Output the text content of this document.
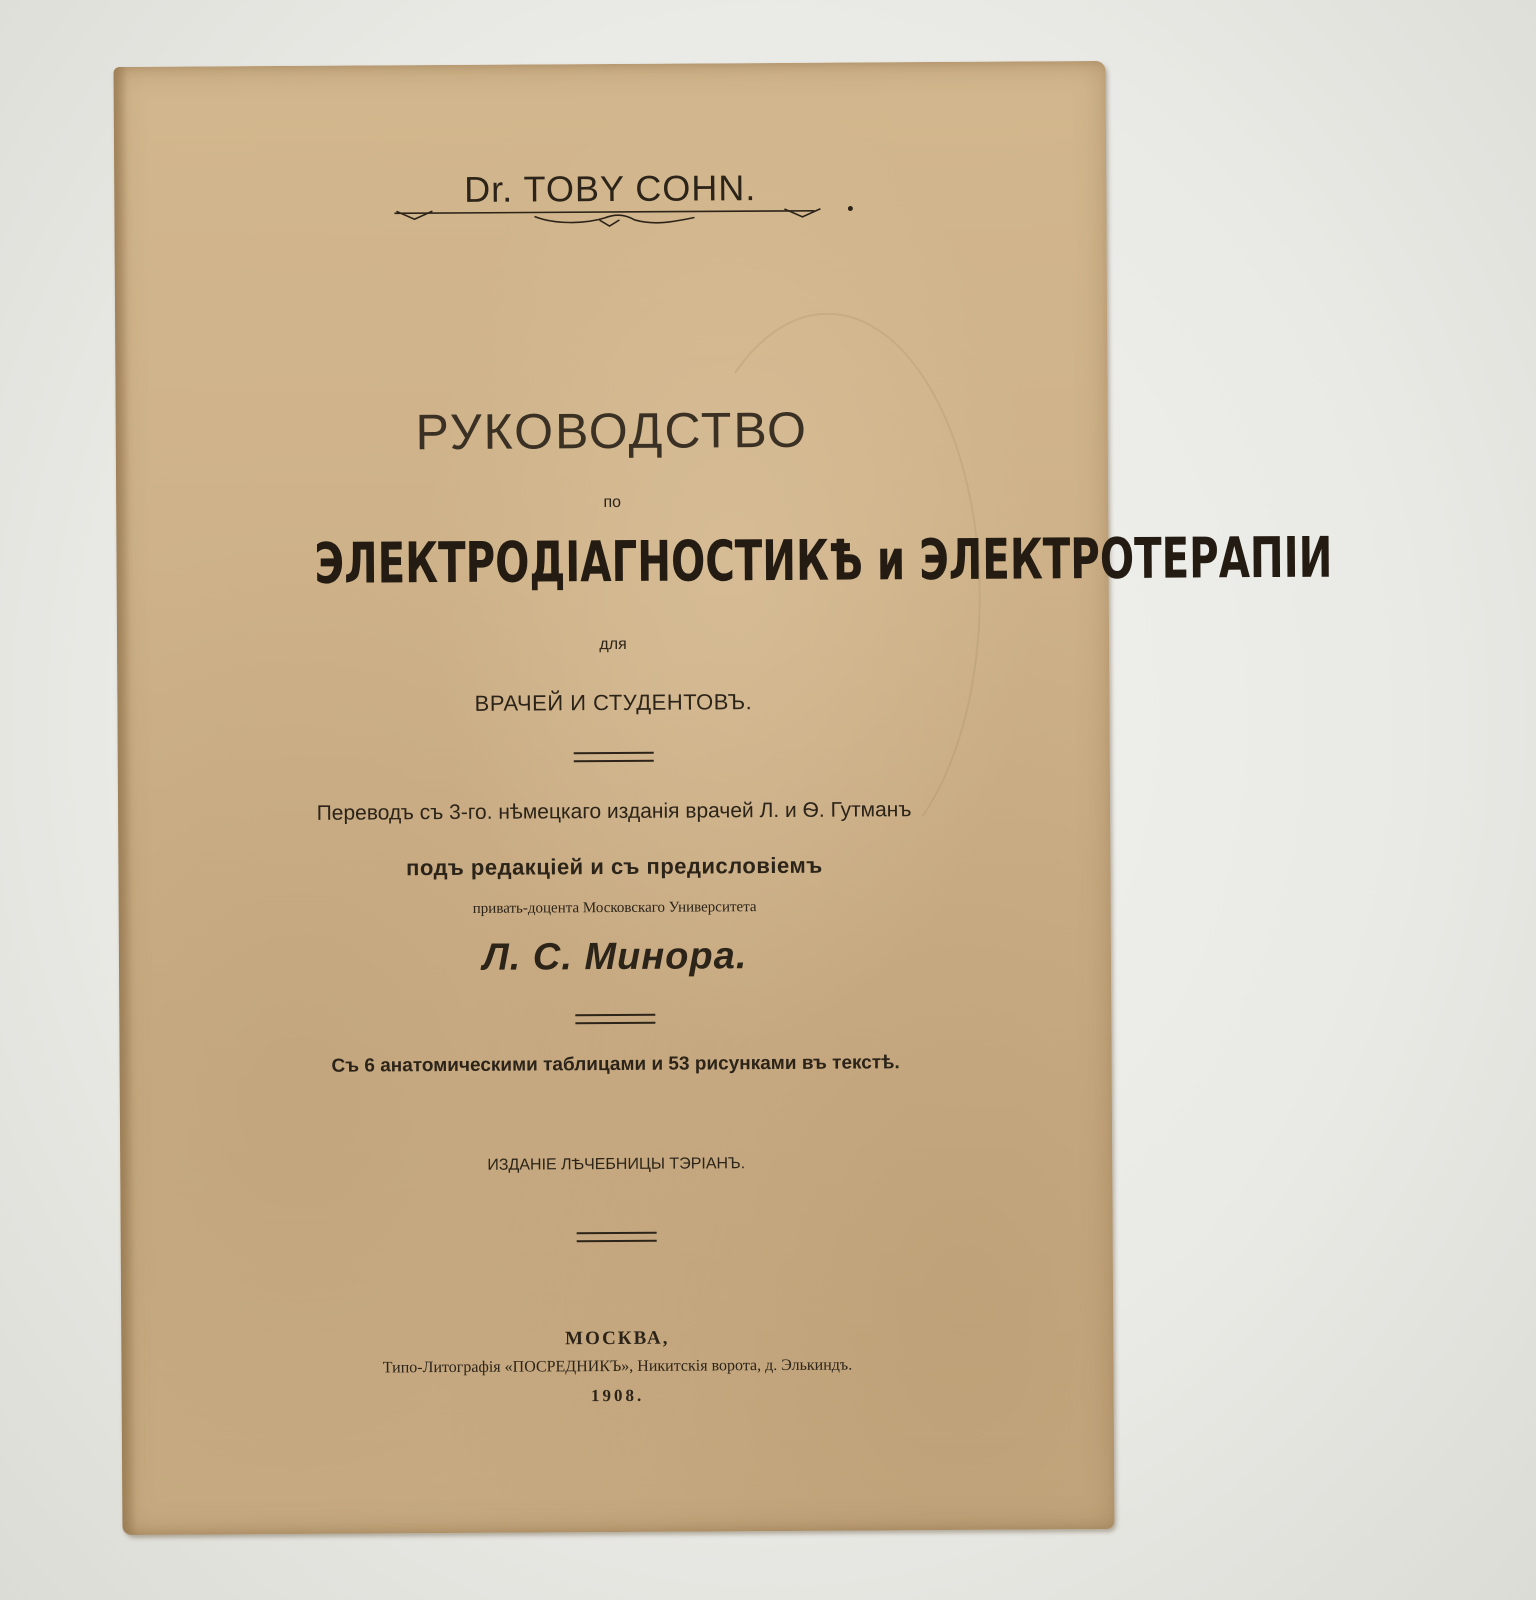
Dr. TOBY COHN.
РУКОВОДСТВО
по
ЭЛЕКТРОДІАГНОСТИКѢ и ЭЛЕКТРОТЕРАПІИ
для
ВРАЧЕЙ И СТУДЕНТОВЪ.
Переводъ съ 3-го. нѣмецкаго изданія врачей Л. и Ѳ. Гутманъ
подъ редакціей и съ предисловіемъ
привать-доцента Московскаго Университета
Л. С. Минора.
Съ 6 анатомическими таблицами и 53 рисунками въ текстѣ.
ИЗДАНІЕ ЛѢЧЕБНИЦЫ ТЭРІАНЪ.
МОСКВА,
Типо-Литографія «ПОСРЕДНИКЪ», Никитскія ворота, д. Элькиндъ.
1908.
